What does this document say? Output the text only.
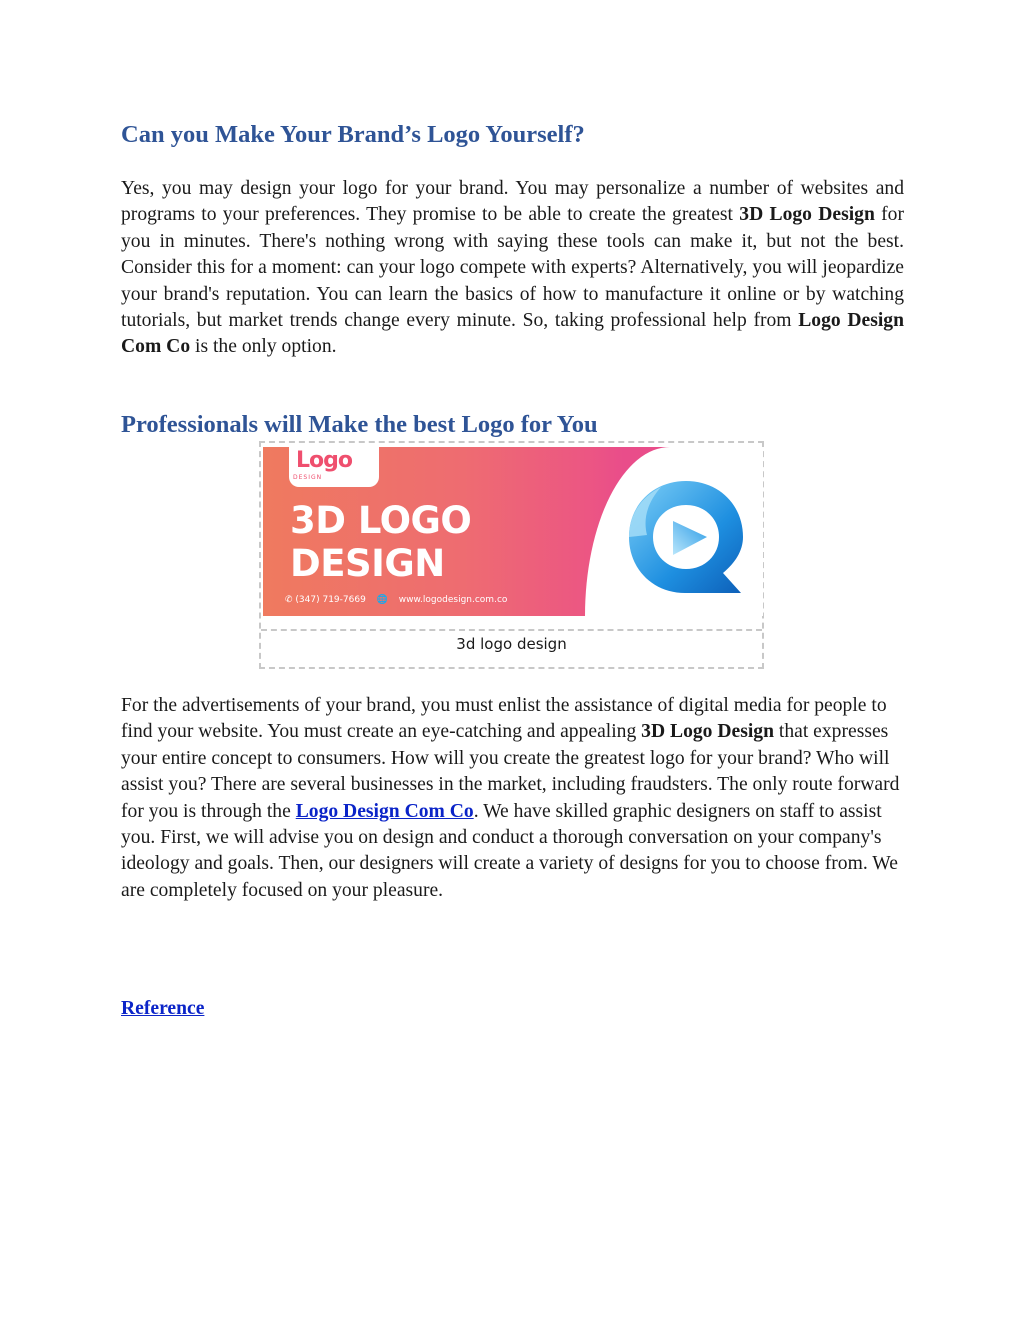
Can you Make Your Brand’s Logo Yourself?

Yes, you may design your logo for your brand. You may personalize a number of websites and programs to your preferences. They promise to be able to create the greatest 3D Logo Design for you in minutes. There's nothing wrong with saying these tools can make it, but not the best. Consider this for a moment: can your logo compete with experts? Alternatively, you will jeopardize your brand's reputation. You can learn the basics of how to manufacture it online or by watching tutorials, but market trends change every minute. So, taking professional help from Logo Design Com Co is the only option.

Professionals will Make the best Logo for You

For the advertisements of your brand, you must enlist the assistance of digital media for people to find your website. You must create an eye-catching and appealing 3D Logo Design that expresses your entire concept to consumers. How will you create the greatest logo for your brand? Who will assist you? There are several businesses in the market, including fraudsters. The only route forward for you is through the Logo Design Com Co. We have skilled graphic designers on staff to assist you. First, we will advise you on design and conduct a thorough conversation on your company's ideology and goals. Then, our designers will create a variety of designs for you to choose from. We are completely focused on your pleasure.

Reference
Logo
DESIGN
3D LOGO
DESIGN
✆ (347) 719-7669 🌐 www.logodesign.com.co
3d logo design
